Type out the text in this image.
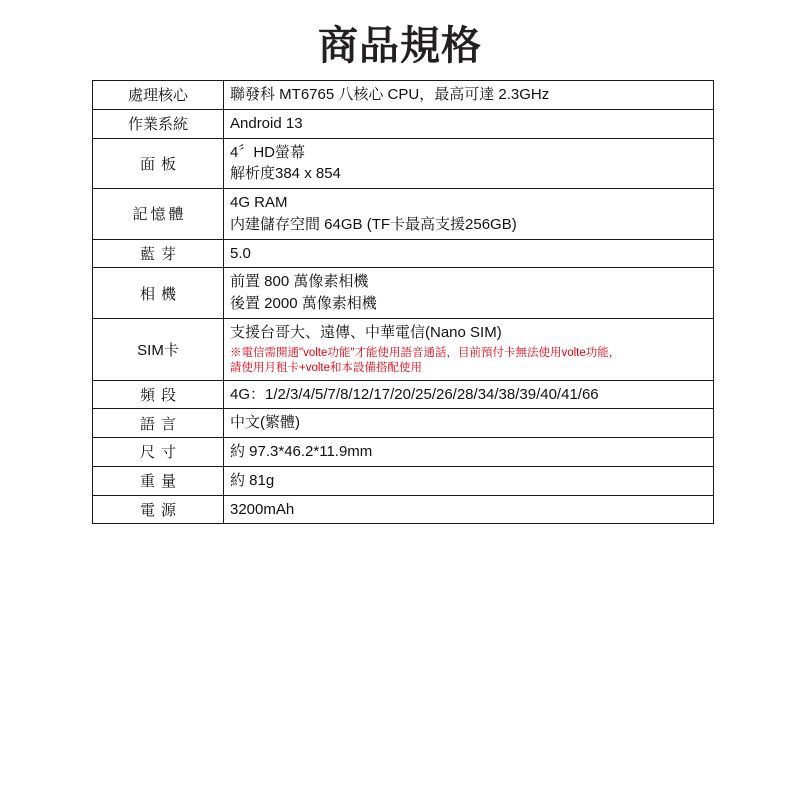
商品規格
處理核心	聯發科 MT6765 八核心 CPU，最高可達 2.3GHz

作業系統	Android 13

面板	4〞HD螢幕
解析度384 x 854

記憶體	4G RAM
内建儲存空間 64GB (TF卡最高支援256GB)

藍芽	5.0

相機	前置 800 萬像素相機
後置 2000 萬像素相機

SIM卡	支援台哥大、遠傳、中華電信(Nano SIM)
※電信需開通"volte功能"才能使用語音通話，目前預付卡無法使用volte功能，
請使用月租卡+volte和本設備搭配使用

頻段	4G：1/2/3/4/5/7/8/12/17/20/25/26/28/34/38/39/40/41/66

語言	中文(繁體)

尺寸	約 97.3*46.2*11.9mm

重量	約 81g

電源	3200mAh
